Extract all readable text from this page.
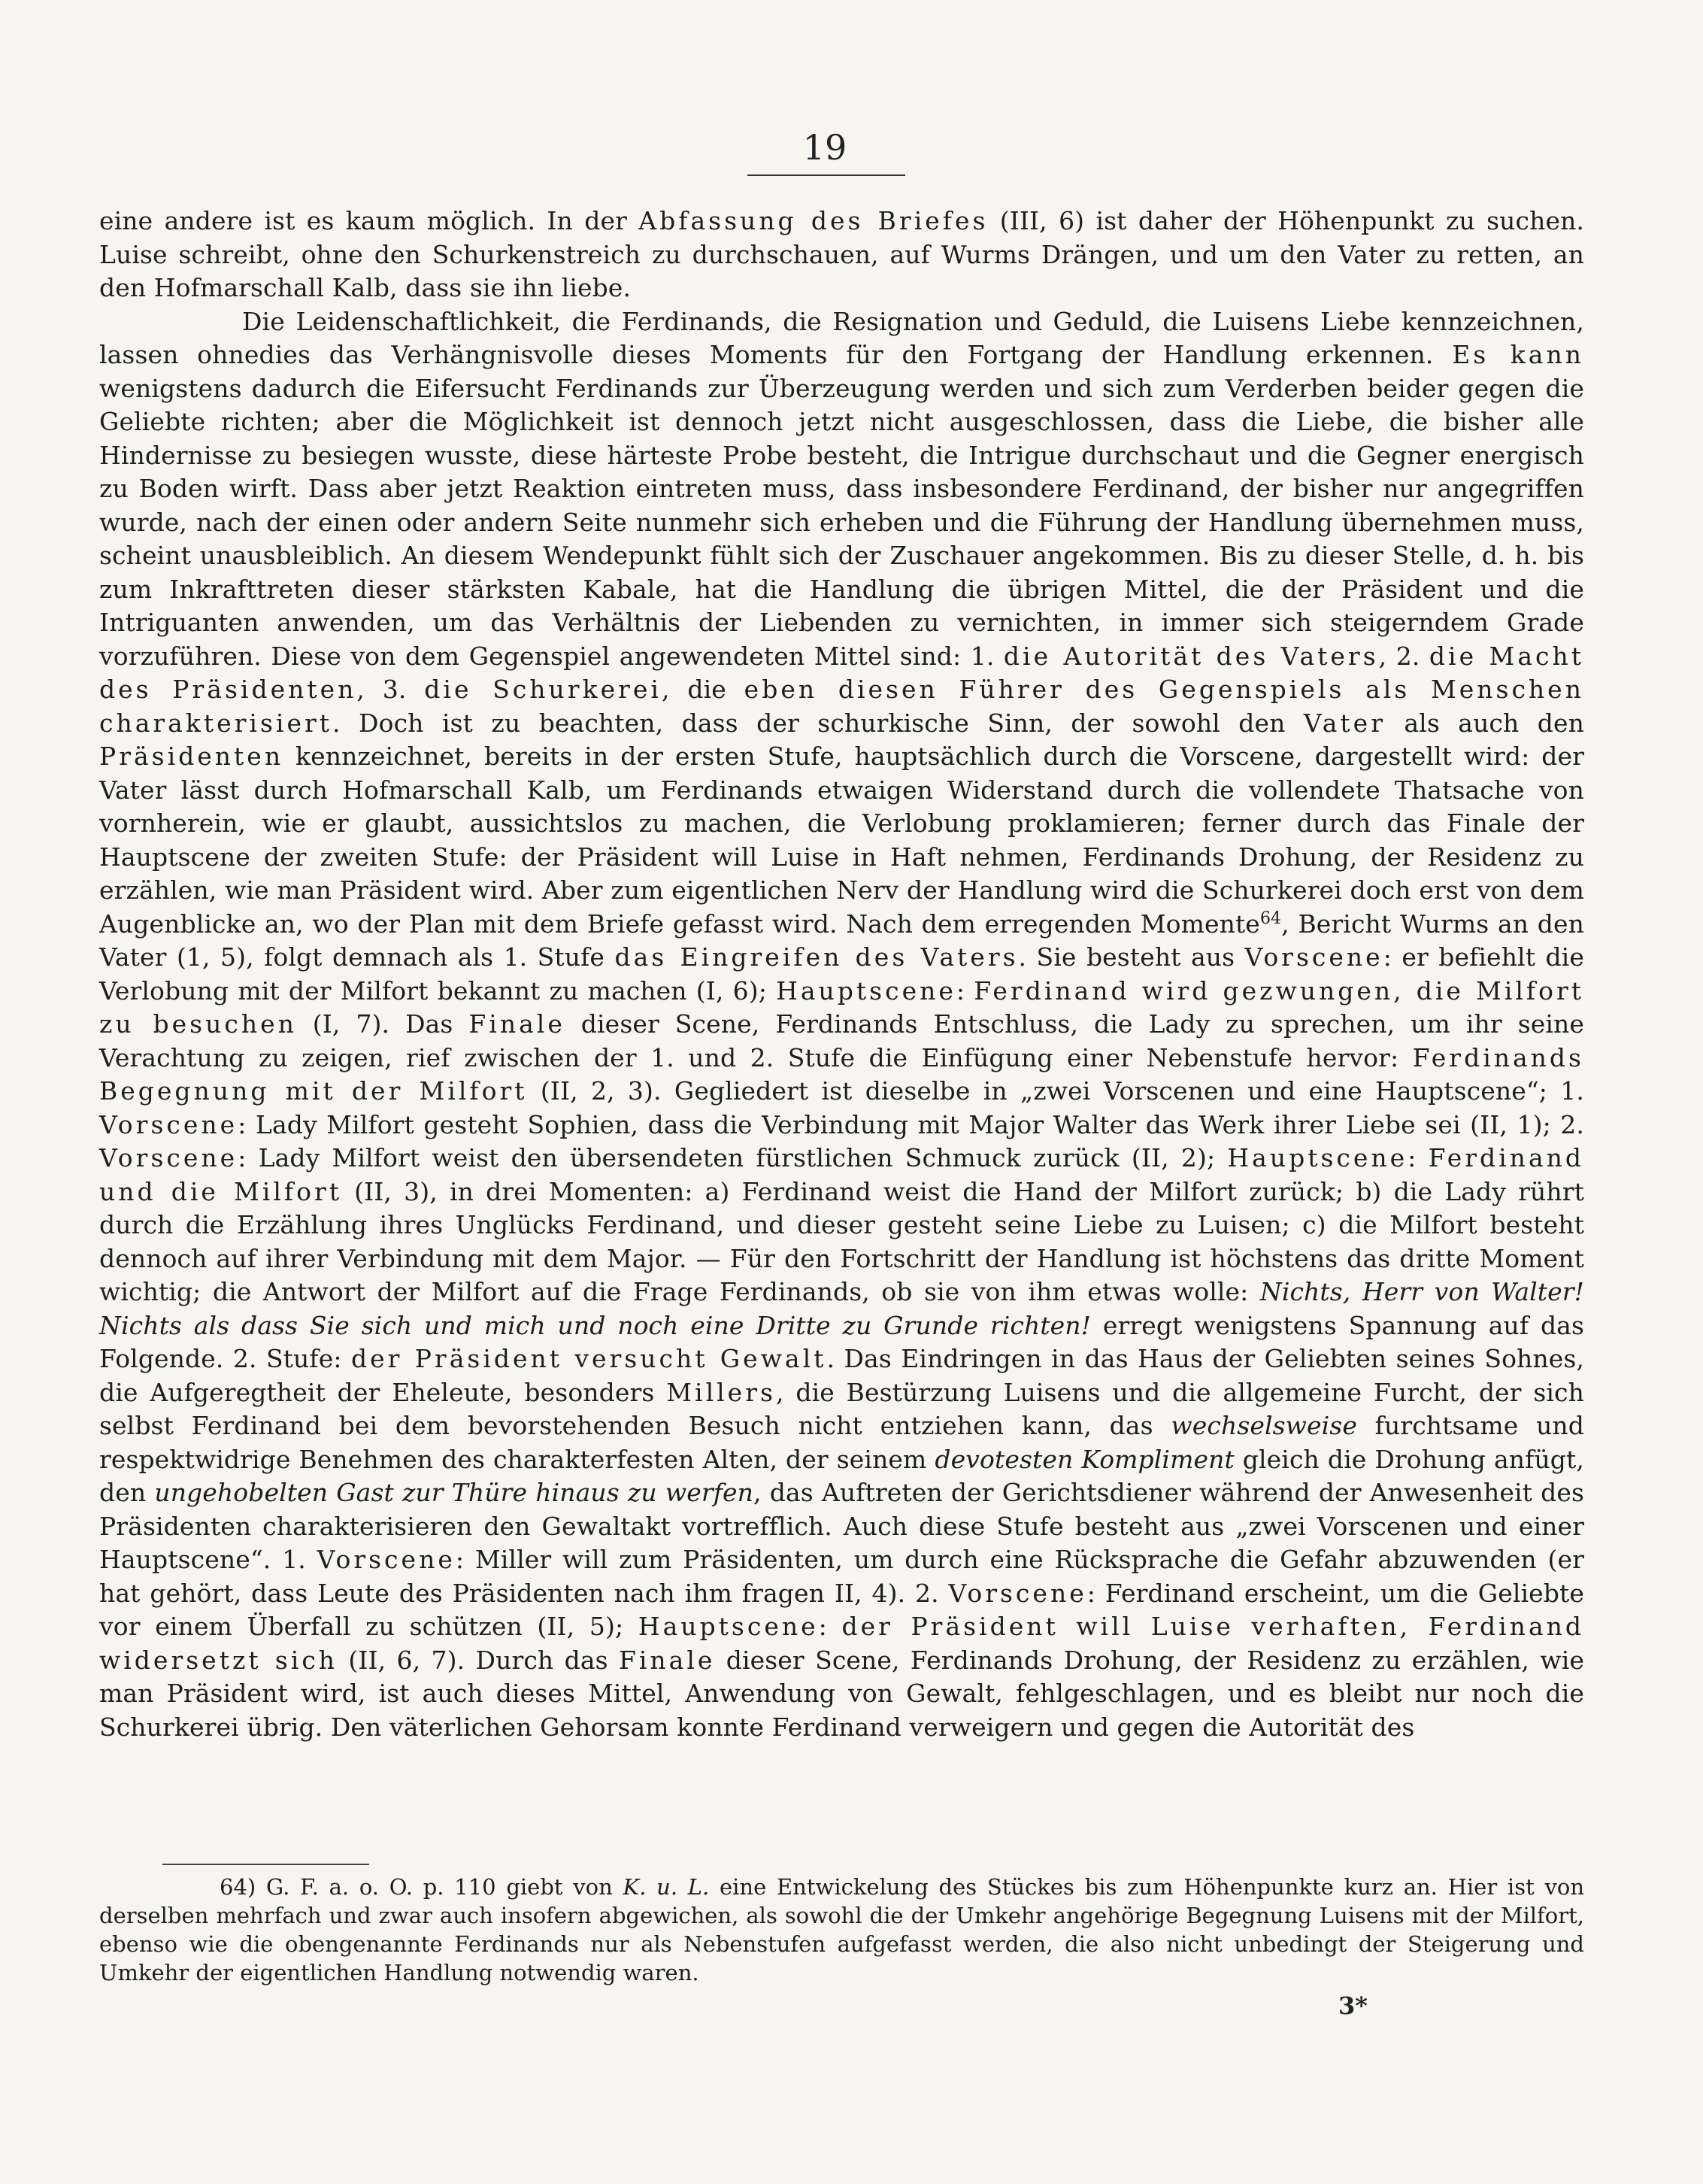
19

eine andere ist es kaum möglich. In der Abfassung des Briefes (III, 6) ist daher der Höhenpunkt zu suchen. Luise schreibt, ohne den Schurkenstreich zu durchschauen, auf Wurms Drängen, und um den Vater zu retten, an den Hofmarschall Kalb, dass sie ihn liebe.

Die Leidenschaftlichkeit, die Ferdinands, die Resignation und Geduld, die Luisens Liebe kennzeichnen, lassen ohnedies das Verhängnisvolle dieses Moments für den Fortgang der Handlung erkennen. Es kann wenigstens dadurch die Eifersucht Ferdinands zur Überzeugung werden und sich zum Verderben beider gegen die Geliebte richten; aber die Möglichkeit ist dennoch jetzt nicht ausgeschlossen, dass die Liebe, die bisher alle Hindernisse zu besiegen wusste, diese härteste Probe besteht, die Intrigue durchschaut und die Gegner energisch zu Boden wirft. Dass aber jetzt Reaktion eintreten muss, dass insbesondere Ferdinand, der bisher nur angegriffen wurde, nach der einen oder andern Seite nunmehr sich erheben und die Führung der Handlung übernehmen muss, scheint unausbleiblich. An diesem Wendepunkt fühlt sich der Zuschauer angekommen. Bis zu dieser Stelle, d. h. bis zum Inkrafttreten dieser stärksten Kabale, hat die Handlung die übrigen Mittel, die der Präsident und die Intriguanten anwenden, um das Verhältnis der Liebenden zu vernichten, in immer sich steigerndem Grade vorzuführen. Diese von dem Gegenspiel angewendeten Mittel sind: 1. die Autorität des Vaters, 2. die Macht des Präsidenten, 3. die Schurkerei, die eben diesen Führer des Gegenspiels als Menschen charakterisiert. Doch ist zu beachten, dass der schurkische Sinn, der sowohl den Vater als auch den Präsidenten kennzeichnet, bereits in der ersten Stufe, hauptsächlich durch die Vorscene, dargestellt wird: der Vater lässt durch Hofmarschall Kalb, um Ferdinands etwaigen Widerstand durch die vollendete Thatsache von vornherein, wie er glaubt, aussichtslos zu machen, die Verlobung proklamieren; ferner durch das Finale der Hauptscene der zweiten Stufe: der Präsident will Luise in Haft nehmen, Ferdinands Drohung, der Residenz zu erzählen, wie man Präsident wird. Aber zum eigentlichen Nerv der Handlung wird die Schurkerei doch erst von dem Augenblicke an, wo der Plan mit dem Briefe gefasst wird. Nach dem erregenden Momente$^{64}$, Bericht Wurms an den Vater (1, 5), folgt demnach als 1. Stufe das Eingreifen des Vaters. Sie besteht aus Vorscene: er befiehlt die Verlobung mit der Milfort bekannt zu machen (I, 6); Hauptscene: Ferdinand wird gezwungen, die Milfort zu besuchen (I, 7). Das Finale dieser Scene, Ferdinands Entschluss, die Lady zu sprechen, um ihr seine Verachtung zu zeigen, rief zwischen der 1. und 2. Stufe die Einfügung einer Nebenstufe hervor: Ferdinands Begegnung mit der Milfort (II, 2, 3). Gegliedert ist dieselbe in „zwei Vorscenen und eine Hauptscene“; 1. Vorscene: Lady Milfort gesteht Sophien, dass die Verbindung mit Major Walter das Werk ihrer Liebe sei (II, 1); 2. Vorscene: Lady Milfort weist den übersendeten fürstlichen Schmuck zurück (II, 2); Hauptscene: Ferdinand und die Milfort (II, 3), in drei Momenten: a) Ferdinand weist die Hand der Milfort zurück; b) die Lady rührt durch die Erzählung ihres Unglücks Ferdinand, und dieser gesteht seine Liebe zu Luisen; c) die Milfort besteht dennoch auf ihrer Verbindung mit dem Major. — Für den Fortschritt der Handlung ist höchstens das dritte Moment wichtig; die Antwort der Milfort auf die Frage Ferdinands, ob sie von ihm etwas wolle: Nichts, Herr von Walter! Nichts als dass Sie sich und mich und noch eine Dritte zu Grunde richten! erregt wenigstens Spannung auf das Folgende. 2. Stufe: der Präsident versucht Gewalt. Das Eindringen in das Haus der Geliebten seines Sohnes, die Aufgeregtheit der Eheleute, besonders Millers, die Bestürzung Luisens und die allgemeine Furcht, der sich selbst Ferdinand bei dem bevorstehenden Besuch nicht entziehen kann, das wechselsweise furchtsame und respektwidrige Benehmen des charakterfesten Alten, der seinem devotesten Kompliment gleich die Drohung anfügt, den ungehobelten Gast zur Thüre hinaus zu werfen, das Auftreten der Gerichtsdiener während der Anwesenheit des Präsidenten charakterisieren den Gewaltakt vortrefflich. Auch diese Stufe besteht aus „zwei Vorscenen und einer Hauptscene“. 1. Vorscene: Miller will zum Präsidenten, um durch eine Rücksprache die Gefahr abzuwenden (er hat gehört, dass Leute des Präsidenten nach ihm fragen II, 4). 2. Vorscene: Ferdinand erscheint, um die Geliebte vor einem Überfall zu schützen (II, 5); Hauptscene: der Präsident will Luise verhaften, Ferdinand widersetzt sich (II, 6, 7). Durch das Finale dieser Scene, Ferdinands Drohung, der Residenz zu erzählen, wie man Präsident wird, ist auch dieses Mittel, Anwendung von Gewalt, fehlgeschlagen, und es bleibt nur noch die Schurkerei übrig. Den väterlichen Gehorsam konnte Ferdinand verweigern und gegen die Autorität des

64) G. F. a. o. O. p. 110 giebt von K. u. L. eine Entwickelung des Stückes bis zum Höhenpunkte kurz an. Hier ist von derselben mehrfach und zwar auch insofern abgewichen, als sowohl die der Umkehr angehörige Begegnung Luisens mit der Milfort, ebenso wie die obengenannte Ferdinands nur als Nebenstufen aufgefasst werden, die also nicht unbedingt der Steigerung und Umkehr der eigentlichen Handlung notwendig waren.

3*
